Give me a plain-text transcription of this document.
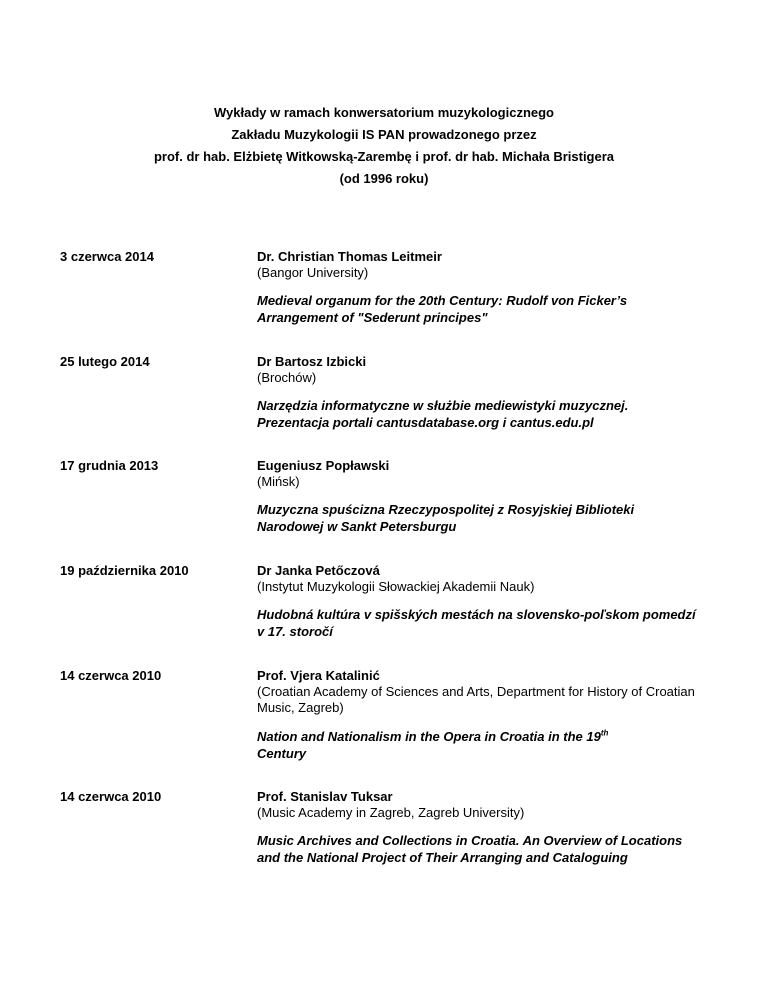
Wykłady w ramach konwersatorium muzykologicznego
Zakładu Muzykologii IS PAN prowadzonego przez
prof. dr hab. Elżbietę Witkowską-Zarembę i prof. dr hab. Michała Bristigera
(od 1996 roku)
3 czerwca 2014	Dr. Christian Thomas Leitmeir
(Bangor University)
Medieval organum for the 20th Century: Rudolf von Ficker’s Arrangement of "Sederunt principes"
25 lutego 2014	Dr Bartosz Izbicki
(Brochów)
Narzędzia informatyczne w służbie mediewistyki muzycznej. Prezentacja portali cantusdatabase.org i cantus.edu.pl
17 grudnia 2013	Eugeniusz Popławski
(Mińsk)
Muzyczna spuścizna Rzeczypospolitej z Rosyjskiej Biblioteki Narodowej w Sankt Petersburgu
19 października 2010	Dr Janka Petőczová
(Instytut Muzykologii Słowackiej Akademii Nauk)
Hudobná kultúra v spišských mestách na slovensko-poľskom pomedzí v 17. storočí
14 czerwca 2010	Prof. Vjera Katalinić
(Croatian Academy of Sciences and Arts, Department for History of Croatian Music, Zagreb)
Nation and Nationalism in the Opera in Croatia in the 19th
Century
14 czerwca 2010	Prof. Stanislav Tuksar
(Music Academy in Zagreb, Zagreb University)
Music Archives and Collections in Croatia. An Overview of Locations and the National Project of Their Arranging and Cataloguing
